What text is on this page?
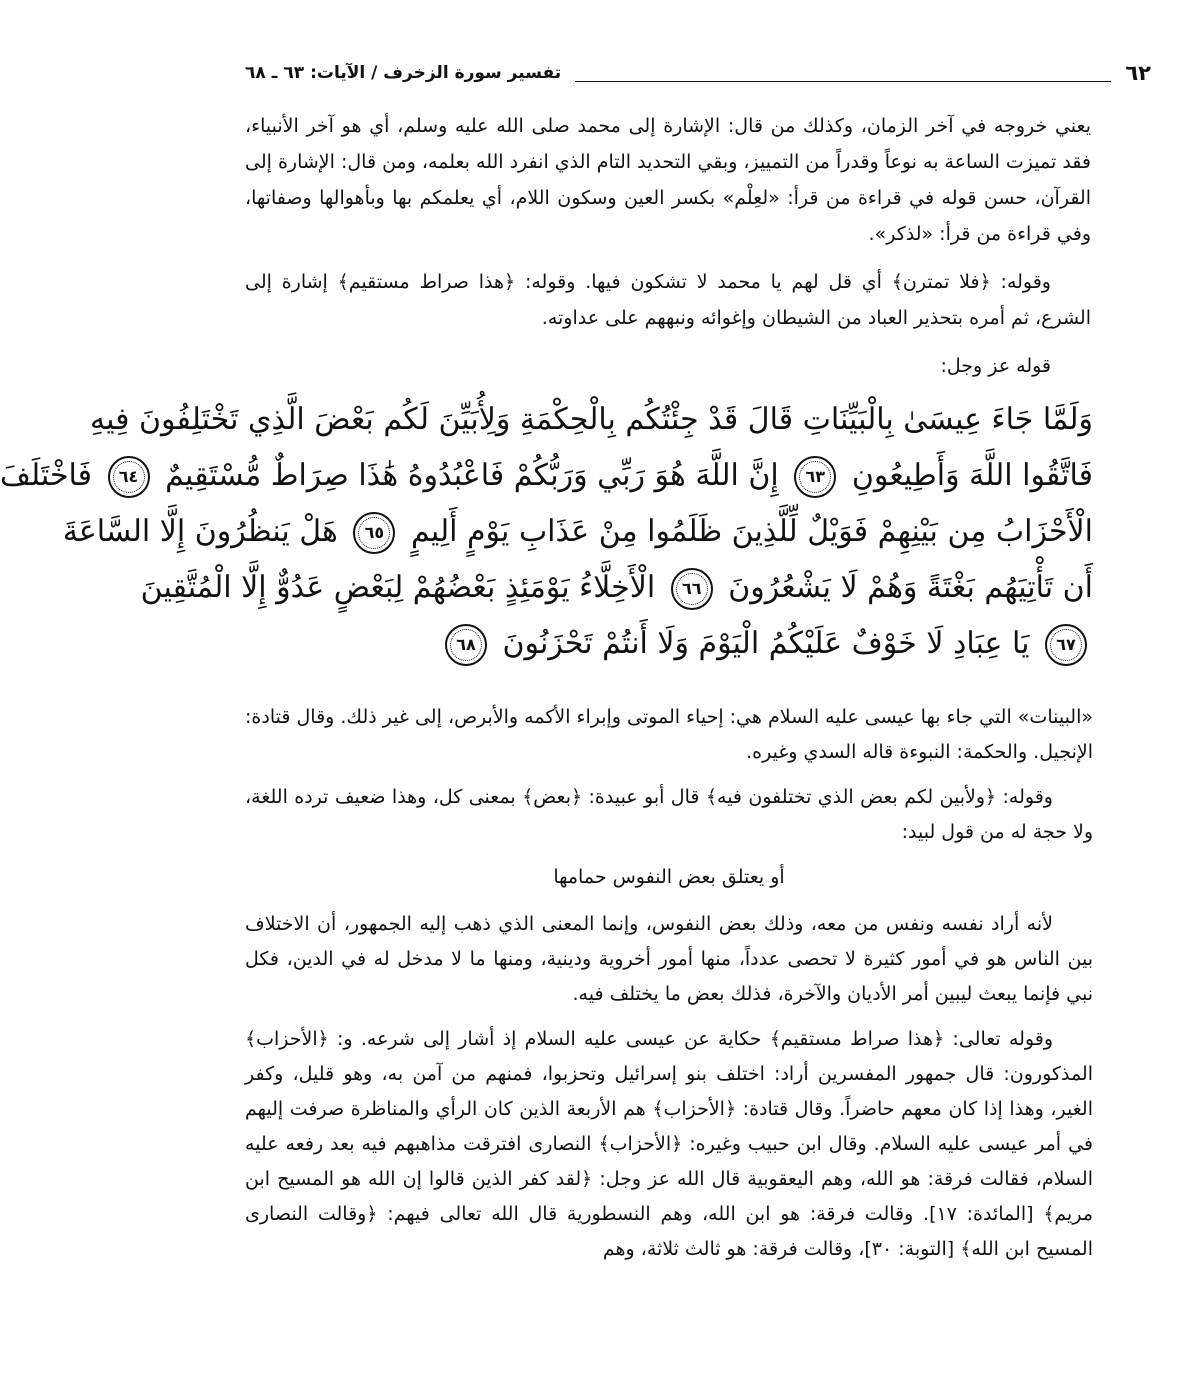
٦٢
تفسير سورة الزخرف / الآيات: ٦٣ ـ ٦٨

يعني خروجه في آخر الزمان، وكذلك من قال: الإشارة إلى محمد صلى الله عليه وسلم، أي هو آخر الأنبياء، فقد تميزت الساعة به نوعاً وقدراً من التمييز، وبقي التحديد التام الذي انفرد الله بعلمه، ومن قال: الإشارة إلى القرآن، حسن قوله في قراءة من قرأ: «لعِلْم» بكسر العين وسكون اللام، أي يعلمكم بها وبأهوالها وصفاتها، وفي قراءة من قرأ: «لذكر».

وقوله: ﴿فلا تمترن﴾ أي قل لهم يا محمد لا تشكون فيها. وقوله: ﴿هذا صراط مستقيم﴾ إشارة إلى الشرع، ثم أمره بتحذير العباد من الشيطان وإغوائه ونبههم على عداوته.

قوله عز وجل:

وَلَمَّا جَاءَ عِيسَىٰ بِالْبَيِّنَاتِ قَالَ قَدْ جِئْتُكُم بِالْحِكْمَةِ وَلِأُبَيِّنَ لَكُم بَعْضَ الَّذِي تَخْتَلِفُونَ فِيهِ
فَاتَّقُوا اللَّهَ وَأَطِيعُونِ ٦٣ إِنَّ اللَّهَ هُوَ رَبِّي وَرَبُّكُمْ فَاعْبُدُوهُ هَٰذَا صِرَاطٌ مُّسْتَقِيمٌ ٦٤ فَاخْتَلَفَ
الْأَحْزَابُ مِن بَيْنِهِمْ فَوَيْلٌ لِّلَّذِينَ ظَلَمُوا مِنْ عَذَابِ يَوْمٍ أَلِيمٍ ٦٥ هَلْ يَنظُرُونَ إِلَّا السَّاعَةَ
أَن تَأْتِيَهُم بَغْتَةً وَهُمْ لَا يَشْعُرُونَ ٦٦ الْأَخِلَّاءُ يَوْمَئِذٍ بَعْضُهُمْ لِبَعْضٍ عَدُوٌّ إِلَّا الْمُتَّقِينَ
٦٧ يَا عِبَادِ لَا خَوْفٌ عَلَيْكُمُ الْيَوْمَ وَلَا أَنتُمْ تَحْزَنُونَ ٦٨

«البينات» التي جاء بها عيسى عليه السلام هي: إحياء الموتى وإبراء الأكمه والأبرص، إلى غير ذلك. وقال قتادة: الإنجيل. والحكمة: النبوءة قاله السدي وغيره.

وقوله: ﴿ولأبين لكم بعض الذي تختلفون فيه﴾ قال أبو عبيدة: ﴿بعض﴾ بمعنى كل، وهذا ضعيف ترده اللغة، ولا حجة له من قول لبيد:

أو يعتلق بعض النفوس حمامها

لأنه أراد نفسه ونفس من معه، وذلك بعض النفوس، وإنما المعنى الذي ذهب إليه الجمهور، أن الاختلاف بين الناس هو في أمور كثيرة لا تحصى عدداً، منها أمور أخروية ودينية، ومنها ما لا مدخل له في الدين، فكل نبي فإنما يبعث ليبين أمر الأديان والآخرة، فذلك بعض ما يختلف فيه.

وقوله تعالى: ﴿هذا صراط مستقيم﴾ حكاية عن عيسى عليه السلام إذ أشار إلى شرعه. و: ﴿الأحزاب﴾ المذكورون: قال جمهور المفسرين أراد: اختلف بنو إسرائيل وتحزبوا، فمنهم من آمن به، وهو قليل، وكفر الغير، وهذا إذا كان معهم حاضراً. وقال قتادة: ﴿الأحزاب﴾ هم الأربعة الذين كان الرأي والمناظرة صرفت إليهم في أمر عيسى عليه السلام. وقال ابن حبيب وغيره: ﴿الأحزاب﴾ النصارى افترقت مذاهبهم فيه بعد رفعه عليه السلام، فقالت فرقة: هو الله، وهم اليعقوبية قال الله عز وجل: ﴿لقد كفر الذين قالوا إن الله هو المسيح ابن مريم﴾ [المائدة: ١٧]. وقالت فرقة: هو ابن الله، وهم النسطورية قال الله تعالى فيهم: ﴿وقالت النصارى المسيح ابن الله﴾ [التوبة: ٣٠]، وقالت فرقة: هو ثالث ثلاثة، وهم
